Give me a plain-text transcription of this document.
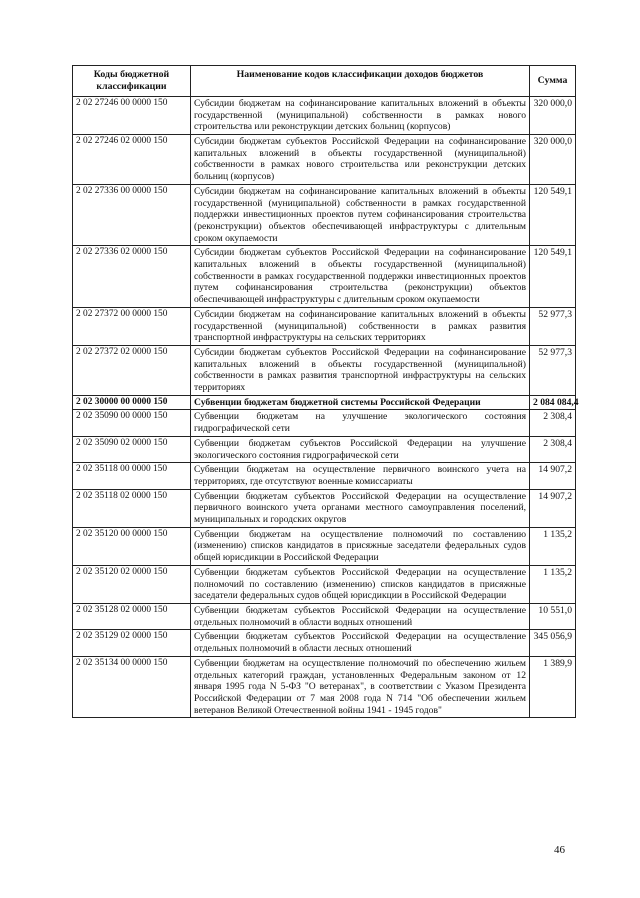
Коды бюджетной классификации	Наименование кодов классификации доходов бюджетов	Сумма
2 02 27246 00 0000 150	Субсидии бюджетам на софинансирование капитальных вложений в объекты государственной (муниципальной) собственности в рамках нового строительства или реконструкции детских больниц (корпусов)	320 000,0
2 02 27246 02 0000 150	Субсидии бюджетам субъектов Российской Федерации на софинансирование капитальных вложений в объекты государственной (муниципальной) собственности в рамках нового строительства или реконструкции детских больниц (корпусов)	320 000,0
2 02 27336 00 0000 150	Субсидии бюджетам на софинансирование капитальных вложений в объекты государственной (муниципальной) собственности в рамках государственной поддержки инвестиционных проектов путем софинансирования строительства (реконструкции) объектов обеспечивающей инфраструктуры с длительным сроком окупаемости	120 549,1
2 02 27336 02 0000 150	Субсидии бюджетам субъектов Российской Федерации на софинансирование капитальных вложений в объекты государственной (муниципальной) собственности в рамках государственной поддержки инвестиционных проектов путем софинансирования строительства (реконструкции) объектов обеспечивающей инфраструктуры с длительным сроком окупаемости	120 549,1
2 02 27372 00 0000 150	Субсидии бюджетам на софинансирование капитальных вложений в объекты государственной (муниципальной) собственности в рамках развития транспортной инфраструктуры на сельских территориях	52 977,3
2 02 27372 02 0000 150	Субсидии бюджетам субъектов Российской Федерации на софинансирование капитальных вложений в объекты государственной (муниципальной) собственности в рамках развития транспортной инфраструктуры на сельских территориях	52 977,3
2 02 30000 00 0000 150	Субвенции бюджетам бюджетной системы Российской Федерации	2 084 084,4
2 02 35090 00 0000 150	Субвенции бюджетам на улучшение экологического состояния гидрографической сети	2 308,4
2 02 35090 02 0000 150	Субвенции бюджетам субъектов Российской Федерации на улучшение экологического состояния гидрографической сети	2 308,4
2 02 35118 00 0000 150	Субвенции бюджетам на осуществление первичного воинского учета на территориях, где отсутствуют военные комиссариаты	14 907,2
2 02 35118 02 0000 150	Субвенции бюджетам субъектов Российской Федерации на осуществление первичного воинского учета органами местного самоуправления поселений, муниципальных и городских округов	14 907,2
2 02 35120 00 0000 150	Субвенции бюджетам на осуществление полномочий по составлению (изменению) списков кандидатов в присяжные заседатели федеральных судов общей юрисдикции в Российской Федерации	1 135,2
2 02 35120 02 0000 150	Субвенции бюджетам субъектов Российской Федерации на осуществление полномочий по составлению (изменению) списков кандидатов в присяжные заседатели федеральных судов общей юрисдикции в Российской Федерации	1 135,2
2 02 35128 02 0000 150	Субвенции бюджетам субъектов Российской Федерации на осуществление отдельных полномочий в области водных отношений	10 551,0
2 02 35129 02 0000 150	Субвенции бюджетам субъектов Российской Федерации на осуществление отдельных полномочий в области лесных отношений	345 056,9
2 02 35134 00 0000 150	Субвенции бюджетам на осуществление полномочий по обеспечению жильем отдельных категорий граждан, установленных Федеральным законом от 12 января 1995 года N 5-ФЗ "О ветеранах", в соответствии с Указом Президента Российской Федерации от 7 мая 2008 года N 714 "Об обеспечении жильем ветеранов Великой Отечественной войны 1941 - 1945 годов"	1 389,9
46
